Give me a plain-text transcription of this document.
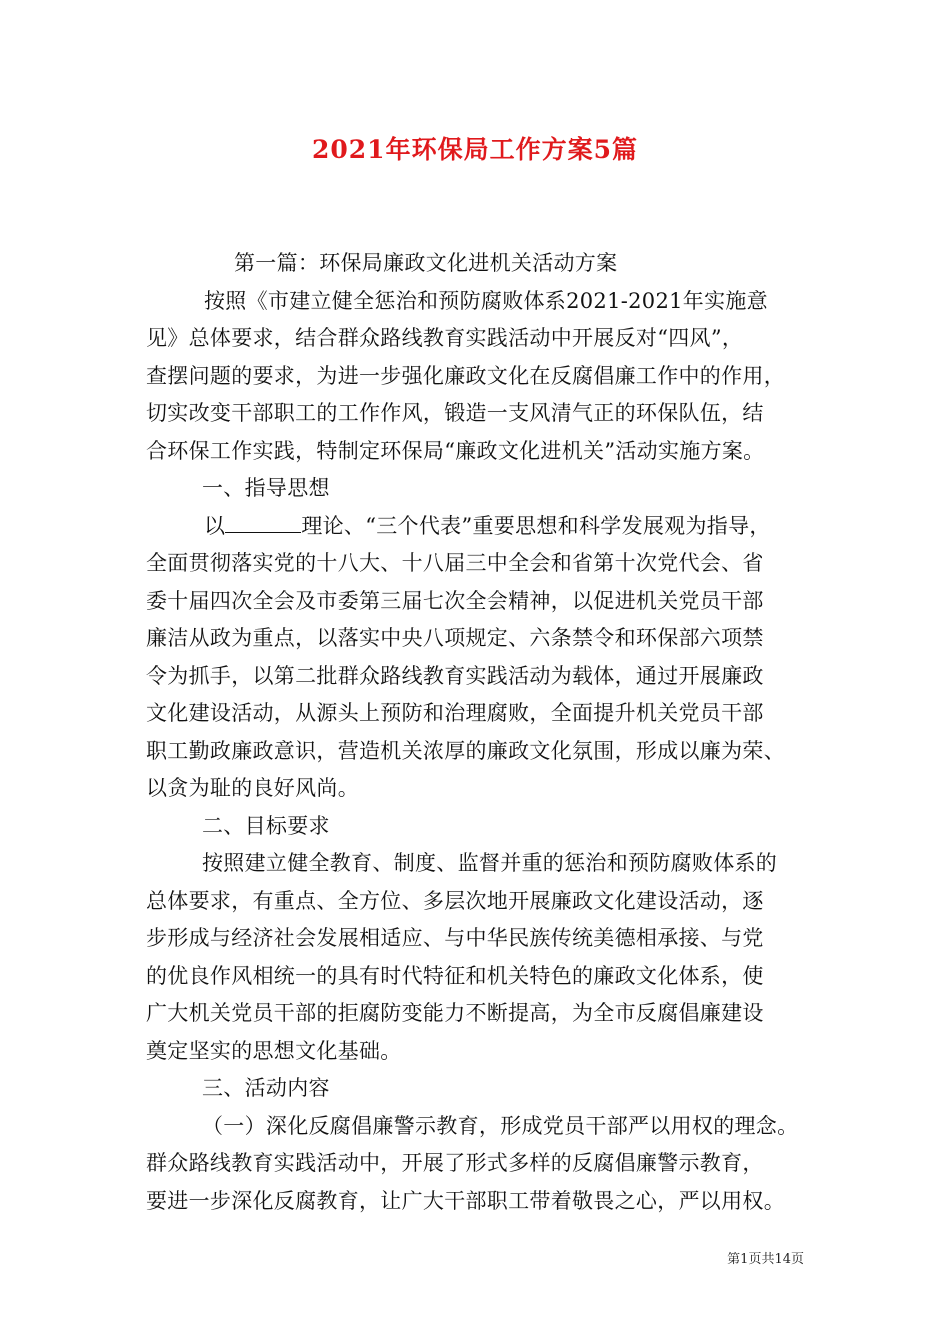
2021年环保局工作方案5篇
第一篇：环保局廉政文化进机关活动方案
按照《市建立健全惩治和预防腐败体系2021-2021年实施意
见》总体要求，结合群众路线教育实践活动中开展反对“四风”，
查摆问题的要求，为进一步强化廉政文化在反腐倡廉工作中的作用，
切实改变干部职工的工作作风，锻造一支风清气正的环保队伍，结
合环保工作实践，特制定环保局“廉政文化进机关”活动实施方案。
一、指导思想
以	理论、“三个代表”重要思想和科学发展观为指导，
全面贯彻落实党的十八大、十八届三中全会和省第十次党代会、省
委十届四次全会及市委第三届七次全会精神，以促进机关党员干部
廉洁从政为重点，以落实中央八项规定、六条禁令和环保部六项禁
令为抓手，以第二批群众路线教育实践活动为载体，通过开展廉政
文化建设活动，从源头上预防和治理腐败，全面提升机关党员干部
职工勤政廉政意识，营造机关浓厚的廉政文化氛围，形成以廉为荣、
以贪为耻的良好风尚。
二、目标要求
按照建立健全教育、制度、监督并重的惩治和预防腐败体系的
总体要求，有重点、全方位、多层次地开展廉政文化建设活动，逐
步形成与经济社会发展相适应、与中华民族传统美德相承接、与党
的优良作风相统一的具有时代特征和机关特色的廉政文化体系，使
广大机关党员干部的拒腐防变能力不断提高，为全市反腐倡廉建设
奠定坚实的思想文化基础。
三、活动内容
（一）深化反腐倡廉警示教育，形成党员干部严以用权的理念。
群众路线教育实践活动中，开展了形式多样的反腐倡廉警示教育，
要进一步深化反腐教育，让广大干部职工带着敬畏之心，严以用权。
第1页共14页
